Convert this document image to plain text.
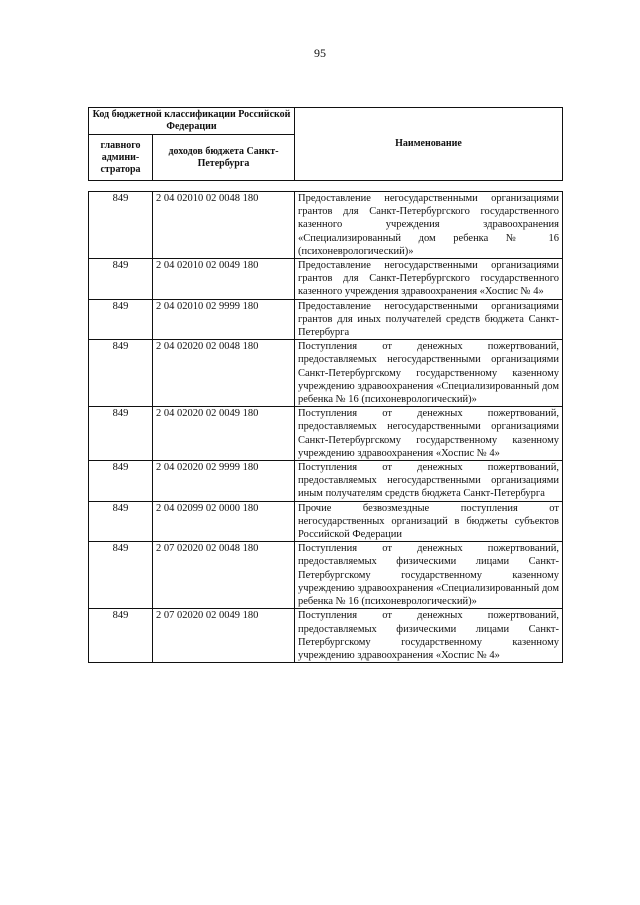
95
Код бюджетной классификации Российской Федерации		Наименование
главного админи-стратора	доходов бюджета Санкт-Петербурга	
849	2 04 02010 02 0048 180	Предоставление негосударственными организациями грантов для Санкт-Петербургского государственного казенного учреждения здравоохранения «Специализированный дом ребенка № 16 (психоневрологический)»
849	2 04 02010 02 0049 180	Предоставление негосударственными организациями грантов для Санкт-Петербургского государственного казенного учреждения здравоохранения «Хоспис № 4»
849	2 04 02010 02 9999 180	Предоставление негосударственными организациями грантов для иных получателей средств бюджета Санкт-Петербурга
849	2 04 02020 02 0048 180	Поступления от денежных пожертвований, предоставляемых негосударственными организациями Санкт-Петербургскому государственному казенному учреждению здравоохранения «Специализированный дом ребенка № 16 (психоневрологический)»
849	2 04 02020 02 0049 180	Поступления от денежных пожертвований, предоставляемых негосударственными организациями Санкт-Петербургскому государственному казенному учреждению здравоохранения «Хоспис № 4»
849	2 04 02020 02 9999 180	Поступления от денежных пожертвований, предоставляемых негосударственными организациями иным получателям средств бюджета Санкт-Петербурга
849	2 04 02099 02 0000 180	Прочие безвозмездные поступления от негосударственных организаций в бюджеты субъектов Российской Федерации
849	2 07 02020 02 0048 180	Поступления от денежных пожертвований, предоставляемых физическими лицами Санкт-Петербургскому государственному казенному учреждению здравоохранения «Специализированный дом ребенка № 16 (психоневрологический)»
849	2 07 02020 02 0049 180	Поступления от денежных пожертвований, предоставляемых физическими лицами Санкт-Петербургскому государственному казенному учреждению здравоохранения «Хоспис № 4»
